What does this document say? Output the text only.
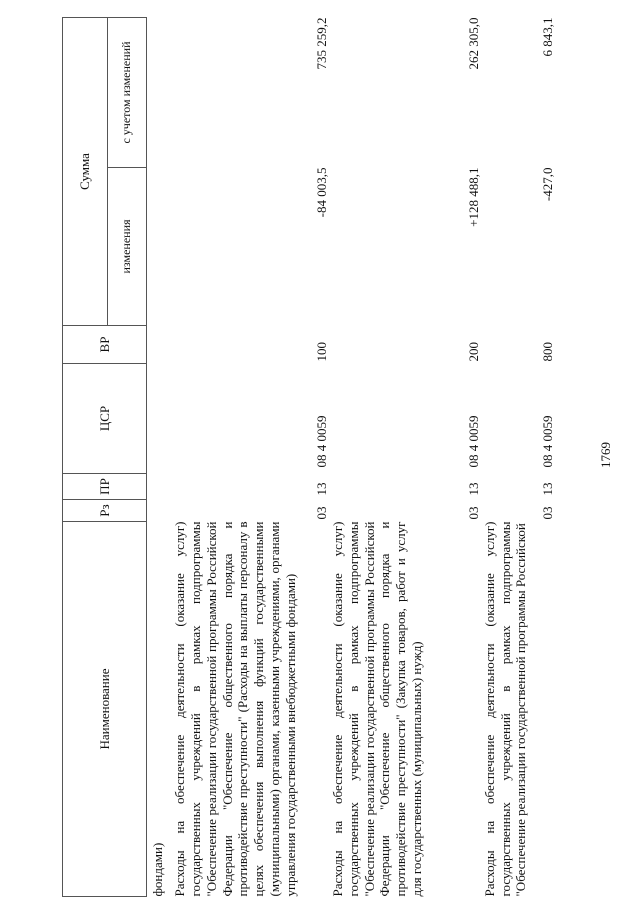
1769
Наименование	Рз	ПР	ЦСР	ВР	Сумма	
					изменения	с учетом изменений
фондами)						
Расходы на обеспечение деятельности (оказание услуг) государственных учреждений в рамках подпрограммы "Обеспечение реализации государственной программы Российской Федерации "Обеспечение общественного порядка и противодействие преступности" (Расходы на выплаты персоналу в целях обеспечения выполнения функций государственными (муниципальными) органами, казенными учреждениями, органами управления государственными внебюджетными фондами)	03	13	08 4 0059	100	-84 003,5	735 259,2
Расходы на обеспечение деятельности (оказание услуг) государственных учреждений в рамках подпрограммы "Обеспечение реализации государственной программы Российской Федерации "Обеспечение общественного порядка и противодействие преступности" (Закупка товаров, работ и услуг для государственных (муниципальных) нужд)	03	13	08 4 0059	200	+128 488,1	262 305,0
Расходы на обеспечение деятельности (оказание услуг) государственных учреждений в рамках подпрограммы "Обеспечение реализации государственной программы Российской	03	13	08 4 0059	800	-427,0	6 843,1
